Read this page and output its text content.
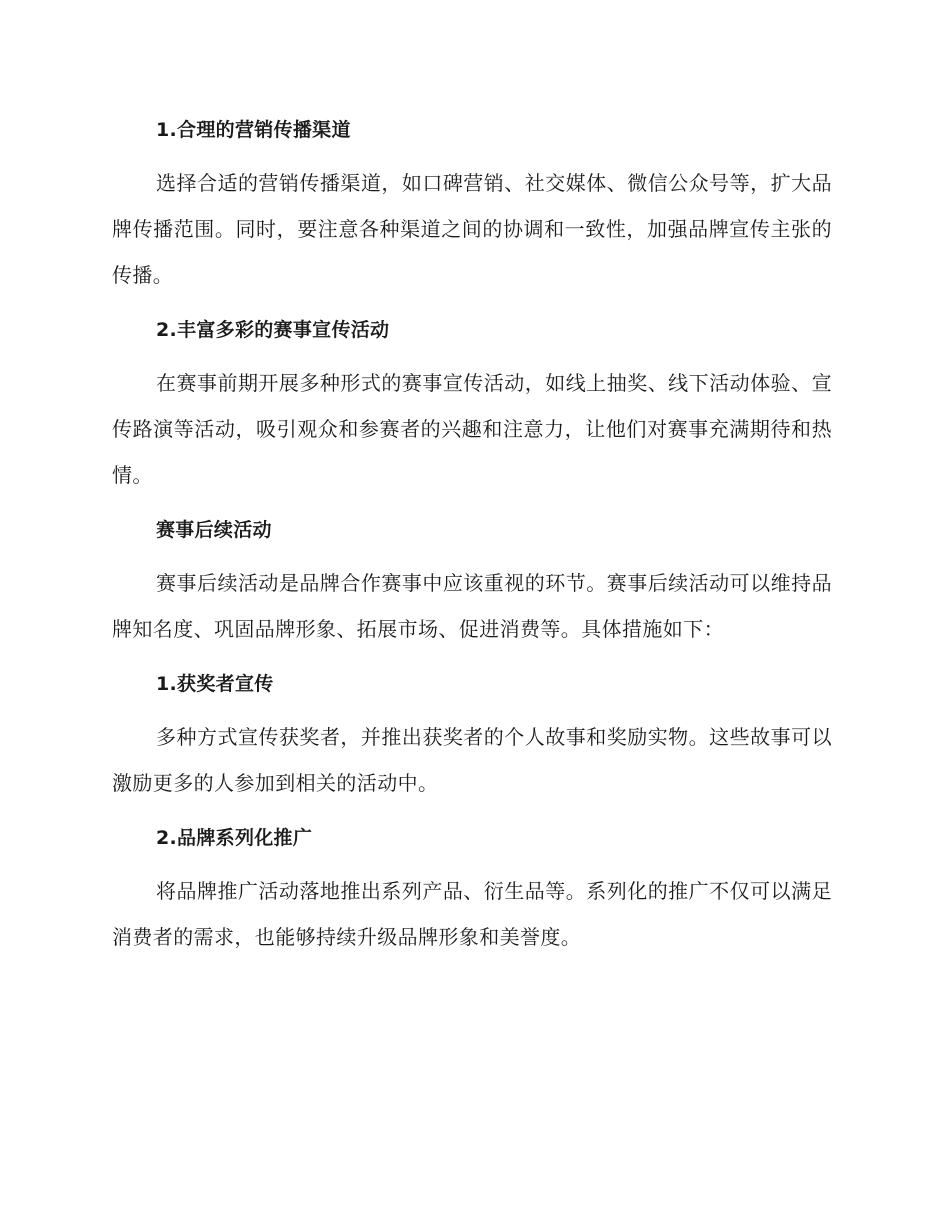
1.合理的营销传播渠道

选择合适的营销传播渠道，如口碑营销、社交媒体、微信公众号等，扩大品牌传播范围。同时，要注意各种渠道之间的协调和一致性，加强品牌宣传主张的传播。

2.丰富多彩的赛事宣传活动

在赛事前期开展多种形式的赛事宣传活动，如线上抽奖、线下活动体验、宣传路演等活动，吸引观众和参赛者的兴趣和注意力，让他们对赛事充满期待和热情。

赛事后续活动

赛事后续活动是品牌合作赛事中应该重视的环节。赛事后续活动可以维持品牌知名度、巩固品牌形象、拓展市场、促进消费等。具体措施如下：

1.获奖者宣传

多种方式宣传获奖者，并推出获奖者的个人故事和奖励实物。这些故事可以激励更多的人参加到相关的活动中。

2.品牌系列化推广

将品牌推广活动落地推出系列产品、衍生品等。系列化的推广不仅可以满足消费者的需求，也能够持续升级品牌形象和美誉度。
